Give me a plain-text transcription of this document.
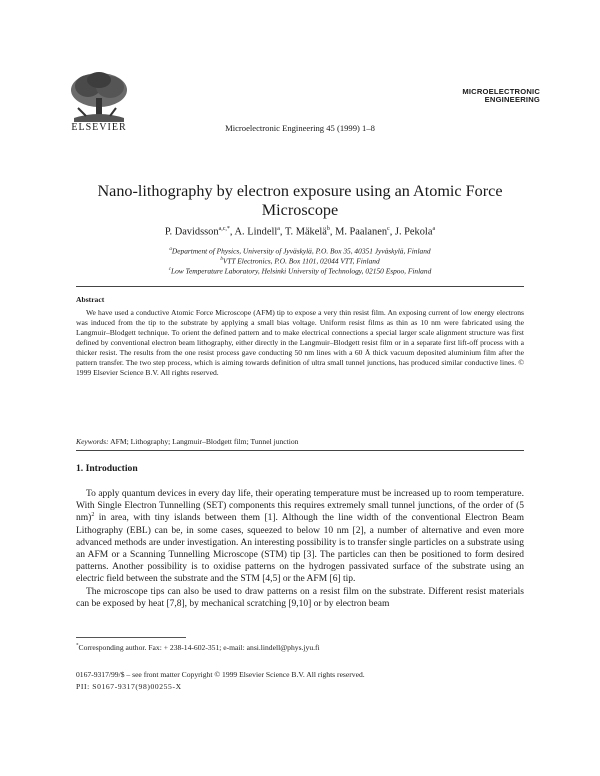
ELSEVIER	Microelectronic Engineering 45 (1999) 1–8
MICROELECTRONIC
ENGINEERING
Nano-lithography by electron exposure using an Atomic Force Microscope
P. Davidsson$^{a,c,*}$, A. Lindell$^a$, T. Mäkelä$^b$, M. Paalanen$^c$, J. Pekola$^a$
$^a$Department of Physics, University of Jyväskylä, P.O. Box 35, 40351 Jyväskylä, Finland
$^b$VTT Electronics, P.O. Box 1101, 02044 VTT, Finland
$^c$Low Temperature Laboratory, Helsinki University of Technology, 02150 Espoo, Finland
Abstract
We have used a conductive Atomic Force Microscope (AFM) tip to expose a very thin resist film. An exposing current of low energy electrons was induced from the tip to the substrate by applying a small bias voltage. Uniform resist films as thin as 10 nm were fabricated using the Langmuir–Blodgett technique. To orient the defined pattern and to make electrical connections a special larger scale alignment structure was first defined by conventional electron beam lithography, either directly in the Langmuir–Blodgett resist film or in a separate first lift-off process with a thicker resist. The results from the one resist process gave conducting 50 nm lines with a 60 Å thick vacuum deposited aluminium film after the pattern transfer. The two step process, which is aiming towards definition of ultra small tunnel junctions, has produced similar conductive lines. © 1999 Elsevier Science B.V. All rights reserved.
Keywords: AFM; Lithography; Langmuir–Blodgett film; Tunnel junction
1. Introduction

To apply quantum devices in every day life, their operating temperature must be increased up to room temperature. With Single Electron Tunnelling (SET) components this requires extremely small tunnel junctions, of the order of (5 nm)$^2$ in area, with tiny islands between them [1]. Although the line width of the conventional Electron Beam Lithography (EBL) can be, in some cases, squeezed to below 10 nm [2], a number of alternative and even more advanced methods are under investigation. An interesting possibility is to transfer single particles on a substrate using an AFM or a Scanning Tunnelling Microscope (STM) tip [3]. The particles can then be positioned to form desired patterns. Another possibility is to oxidise patterns on the hydrogen passivated surface of the substrate using an electric field between the substrate and the STM [4,5] or the AFM [6] tip.

The microscope tips can also be used to draw patterns on a resist film on the substrate. Different resist materials can be exposed by heat [7,8], by mechanical scratching [9,10] or by electron beam

*Corresponding author. Fax: + 238-14-602-351; e-mail: ansi.lindell@phys.jyu.fi
0167-9317/99/$ – see front matter Copyright © 1999 Elsevier Science B.V. All rights reserved.
PII: S0167-9317(98)00255-X
